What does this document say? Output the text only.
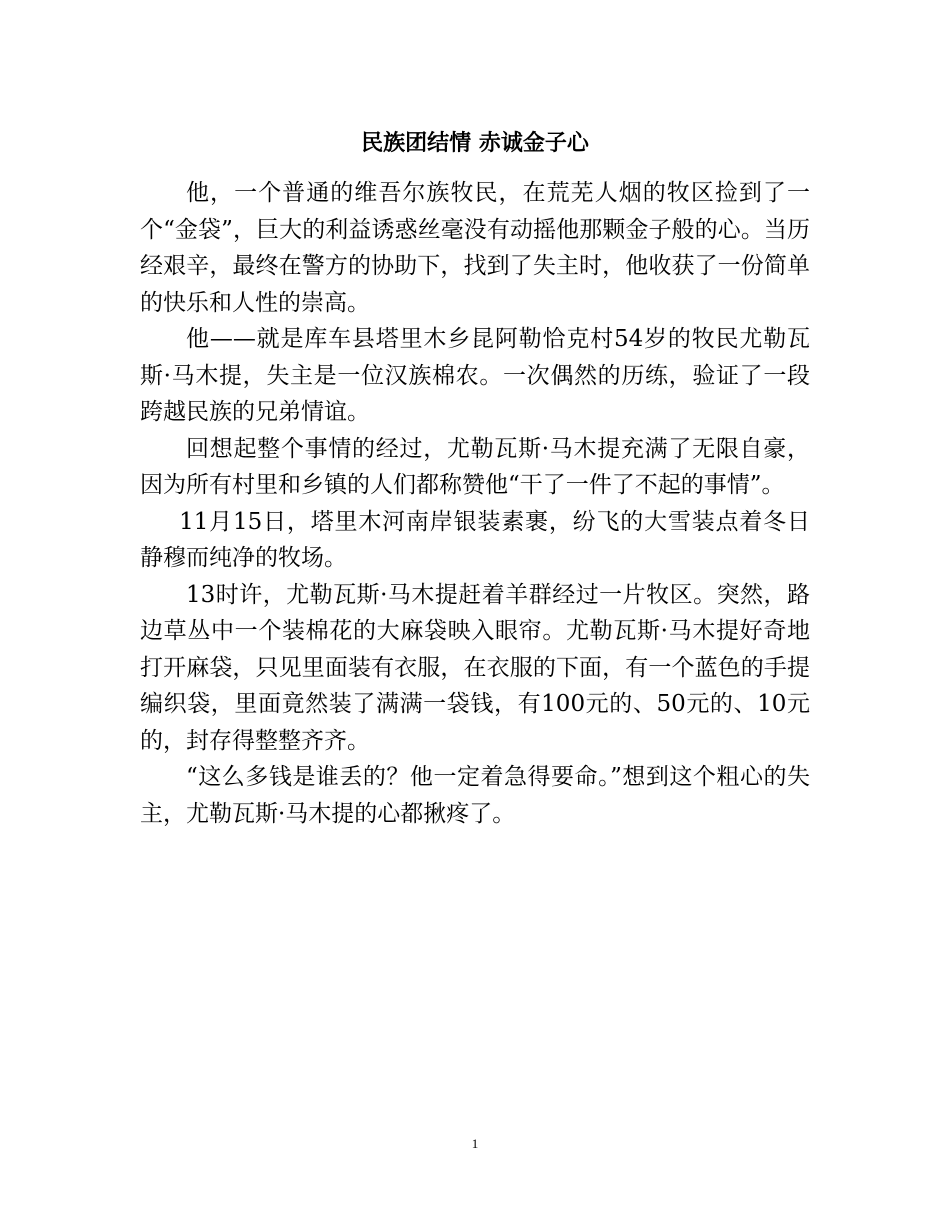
民族团结情 赤诚金子心

他，一个普通的维吾尔族牧民，在荒芜人烟的牧区捡到了一个“金袋”，巨大的利益诱惑丝毫没有动摇他那颗金子般的心。当历经艰辛，最终在警方的协助下，找到了失主时，他收获了一份简单的快乐和人性的崇高。

他——就是库车县塔里木乡昆阿勒恰克村54岁的牧民尤勒瓦斯·马木提，失主是一位汉族棉农。一次偶然的历练，验证了一段跨越民族的兄弟情谊。

回想起整个事情的经过，尤勒瓦斯·马木提充满了无限自豪，因为所有村里和乡镇的人们都称赞他“干了一件了不起的事情”。

11月15日，塔里木河南岸银装素裹，纷飞的大雪装点着冬日静穆而纯净的牧场。

13时许，尤勒瓦斯·马木提赶着羊群经过一片牧区。突然，路边草丛中一个装棉花的大麻袋映入眼帘。尤勒瓦斯·马木提好奇地打开麻袋，只见里面装有衣服，在衣服的下面，有一个蓝色的手提编织袋，里面竟然装了满满一袋钱，有100元的、50元的、10元的，封存得整整齐齐。

“这么多钱是谁丢的？他一定着急得要命。”想到这个粗心的失主，尤勒瓦斯·马木提的心都揪疼了。

1
